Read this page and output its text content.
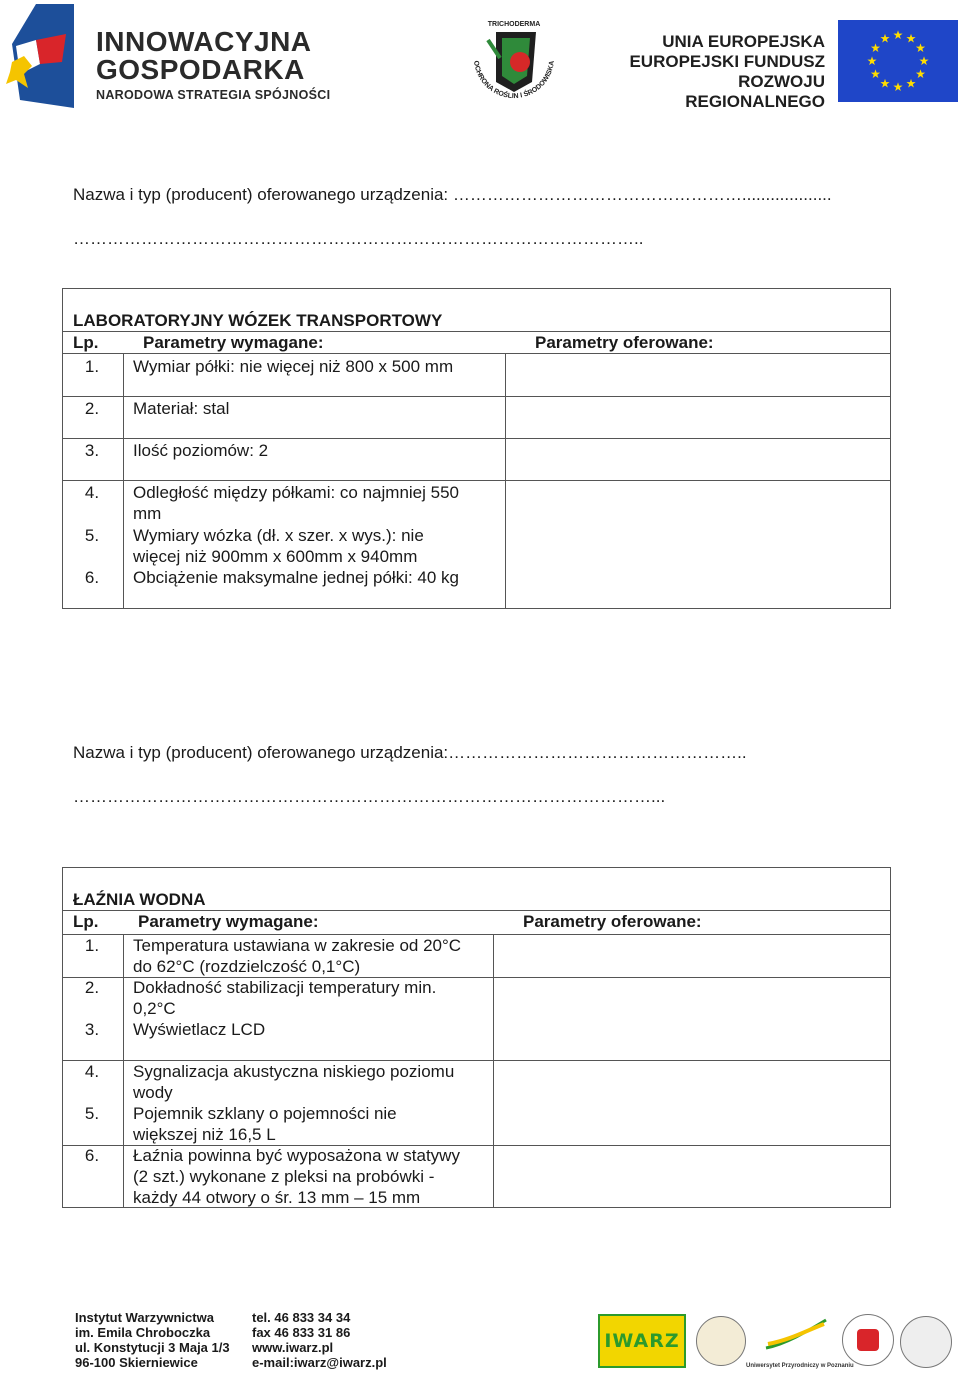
INNOWACYJNA
GOSPODARKA
NARODOWA STRATEGIA SPÓJNOŚCI
TRICHODERMA
OCHRONA ROŚLIN I ŚRODOWISKA
UNIA EUROPEJSKA
EUROPEJSKI FUNDUSZ
ROZWOJU REGIONALNEGO
★ ★
★
★
★
★
★
★
★
★
★
★
Nazwa i typ (producent) oferowanego urządzenia: ……………………………………………...................
………………………………………………………………………………………..
LABORATORYJNY WÓZEK TRANSPORTOWY
Lp.	Parametry wymagane:	Parametry oferowane:
1.	Wymiar półki: nie więcej niż 800 x 500 mm
2.	Materiał: stal
3.	Ilość poziomów: 2
4.	Odległość między półkami: co najmniej 550
mm
5.	Wymiary wózka (dł. x szer. x wys.): nie
więcej niż 900mm x 600mm x 940mm
6.	Obciążenie maksymalne jednej półki: 40 kg
Nazwa i typ (producent) oferowanego urządzenia:……………………………………………..
…………………………………………………………………………………………...
ŁAŹNIA WODNA
Lp. Parametry wymagane:	Parametry oferowane:
1.	Temperatura ustawiana w zakresie od 20°C
do 62°C (rozdzielczość 0,1°C)
2.	Dokładność stabilizacji temperatury min.
0,2°C
3.	Wyświetlacz LCD
4.	Sygnalizacja akustyczna niskiego poziomu
wody
5.	Pojemnik szklany o pojemności nie
większej niż 16,5 L
6.	Łaźnia powinna być wyposażona w statywy
(2 szt.) wykonane z pleksi na probówki -
każdy 44 otwory o śr. 13 mm – 15 mm
Instytut Warzywnictwa
im. Emila Chroboczka
ul. Konstytucji 3 Maja 1/3
96-100 Skierniewice
tel. 46 833 34 34
fax 46 833 31 86
www.iwarz.pl
e-mail:iwarz@iwarz.pl
IWARZ
Uniwersytet Przyrodniczy w Poznaniu
